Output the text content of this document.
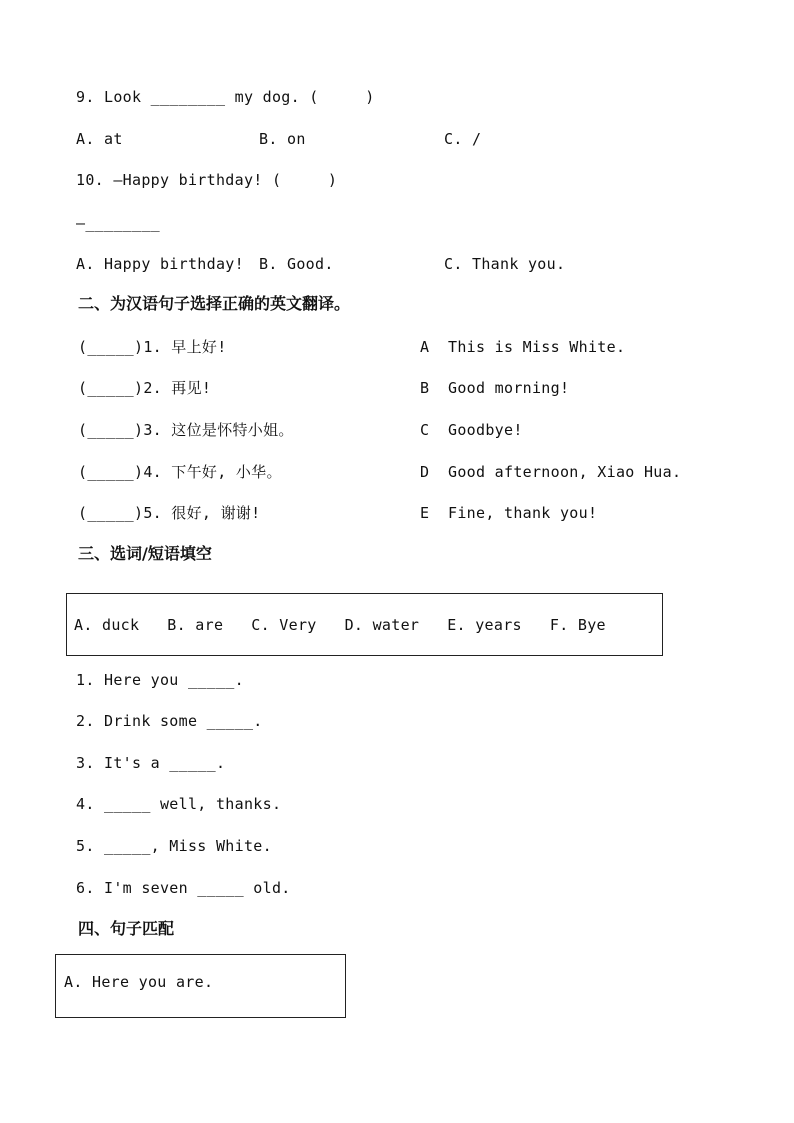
9. Look ________ my dog. (     )
A. at	B. on	C. /
10. —Happy birthday! (     )
—________
A. Happy birthday! B. Good.	C. Thank you.
二、为汉语句子选择正确的英文翻译。
(_____)1. 早上好!	A This is Miss White.
(_____)2. 再见!	B Good morning!
(_____)3. 这位是怀特小姐。	C Goodbye!
(_____)4. 下午好, 小华。	D Good afternoon, Xiao Hua.
(_____)5. 很好, 谢谢!	E Fine, thank you!
三、选词/短语填空
A. duck   B. are   C. Very   D. water   E. years   F. Bye
1. Here you _____.
2. Drink some _____.
3. It's a _____.
4. _____ well, thanks.
5. _____, Miss White.
6. I'm seven _____ old.
四、句子匹配
A. Here you are.
